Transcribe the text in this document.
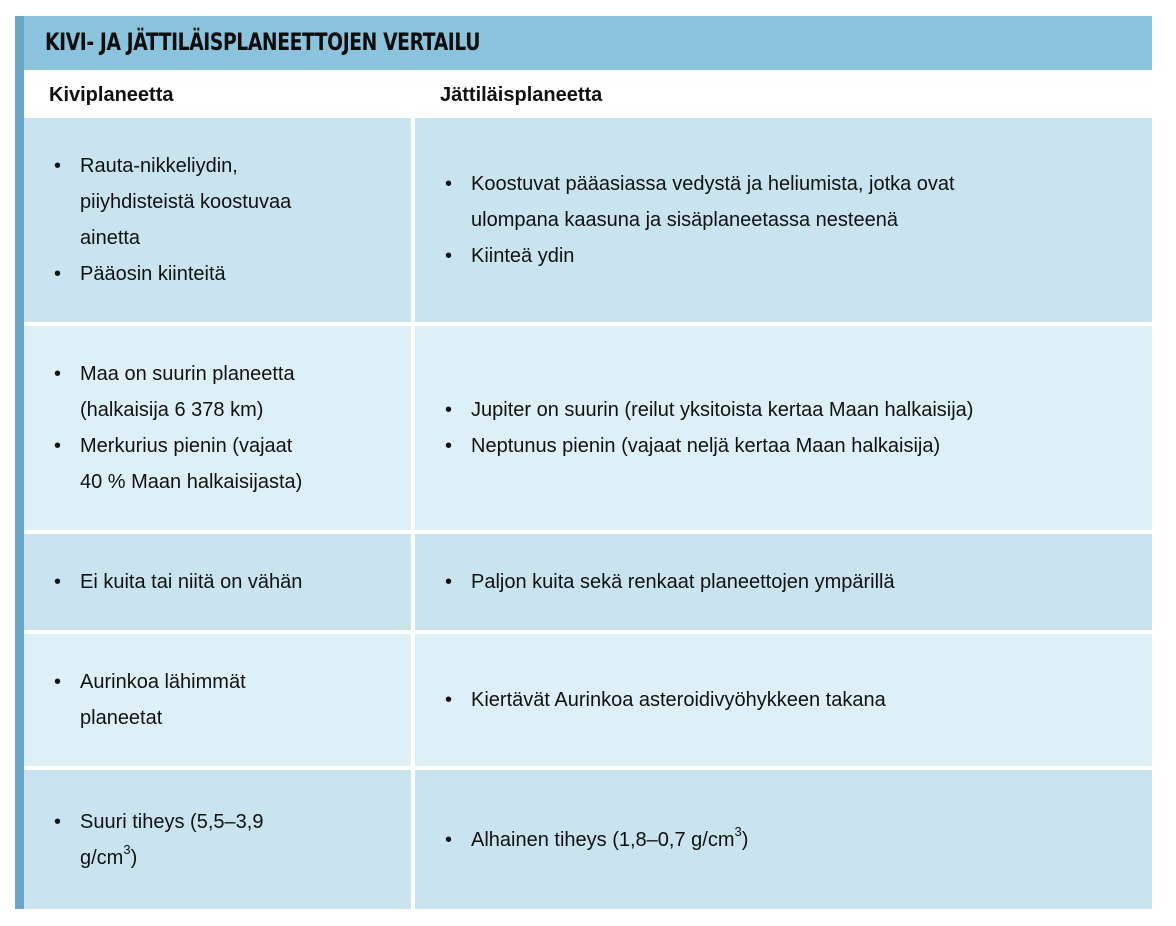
KIVI- JA JÄTTILÄISPLANEETTOJEN VERTAILU
Kiviplaneetta	Jättiläisplaneetta
• Rauta-nikkeliydin,
piiyhdisteistä koostuvaa
ainetta
• Pääosin kiinteitä
• Koostuvat pääasiassa vedystä ja heliumista, jotka ovat
ulompana kaasuna ja sisäplaneetassa nesteenä
• Kiinteä ydin
• Maa on suurin planeetta
(halkaisija 6 378 km)
• Merkurius pienin (vajaat
40 % Maan halkaisijasta)
• Jupiter on suurin (reilut yksitoista kertaa Maan halkaisija)
• Neptunus pienin (vajaat neljä kertaa Maan halkaisija)
• Ei kuita tai niitä on vähän	• Paljon kuita sekä renkaat planeettojen ympärillä
• Aurinkoa lähimmät
planeetat
• Kiertävät Aurinkoa asteroidivyöhykkeen takana
• Suuri tiheys (5,5–3,9
$g/cm^3$)
• Alhainen tiheys (1,8–0,7 $g/cm^3$)
